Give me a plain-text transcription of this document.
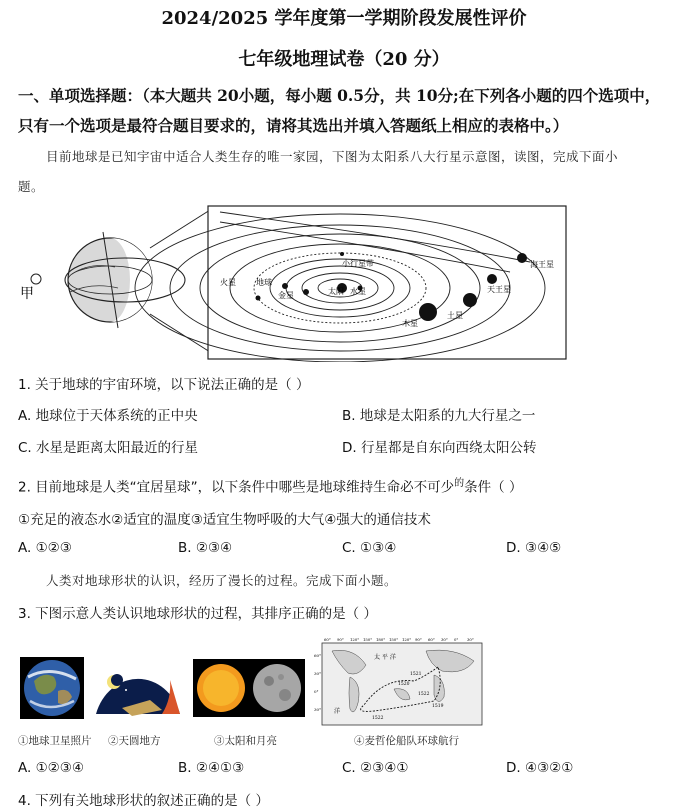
2024/2025 学年度第一学期阶段发展性评价
七年级地理试卷（20 分）
一、单项选择题：（本大题共 20小题，每小题 0.5分，共 10分;在下列各小题的四个选项中，
只有一个选项是最符合题目要求的，请将其选出并填入答题纸上相应的表格中。）
目前地球是已知宇宙中适合人类生存的唯一家园，下图为太阳系八大行星示意图，读图，完成下面小
题。
甲	太阳 水星
金星
地球
火星
木星
土星
天王星
海王星
小行星带
1. 关于地球的宇宙环境，以下说法正确的是（ ）
A. 地球位于天体系统的正中央	B. 地球是太阳系的九大行星之一
C. 水星是距离太阳最近的行星	D. 行星都是自东向西绕太阳公转
2. 目前地球是人类“宜居星球”，以下条件中哪些是地球维持生命必不可少$^的$条件（ ）
①充足的液态水②适宜的温度③适宜生物呼吸的大气④强大的通信技术
A. ①②③	B. ②③④	C. ①③④	D. ③④⑤
人类对地球形状的认识，经历了漫长的过程。完成下面小题。
3. 下图示意人类认识地球形状的过程，其排序正确的是（ ）
太 平 洋
洋
1520
1519
1522
1521
1522
60°
30°
0°
30°
60° 90° 120° 150° 180° 150° 120° 90° 60° 30° 0° 30°
①地球卫星照片 ②天圆地方	③太阳和月亮	④麦哲伦船队环球航行
A. ①②③④	B. ②④①③	C. ②③④①	D. ④③②①
4. 下列有关地球形状的叙述正确的是（ ）
